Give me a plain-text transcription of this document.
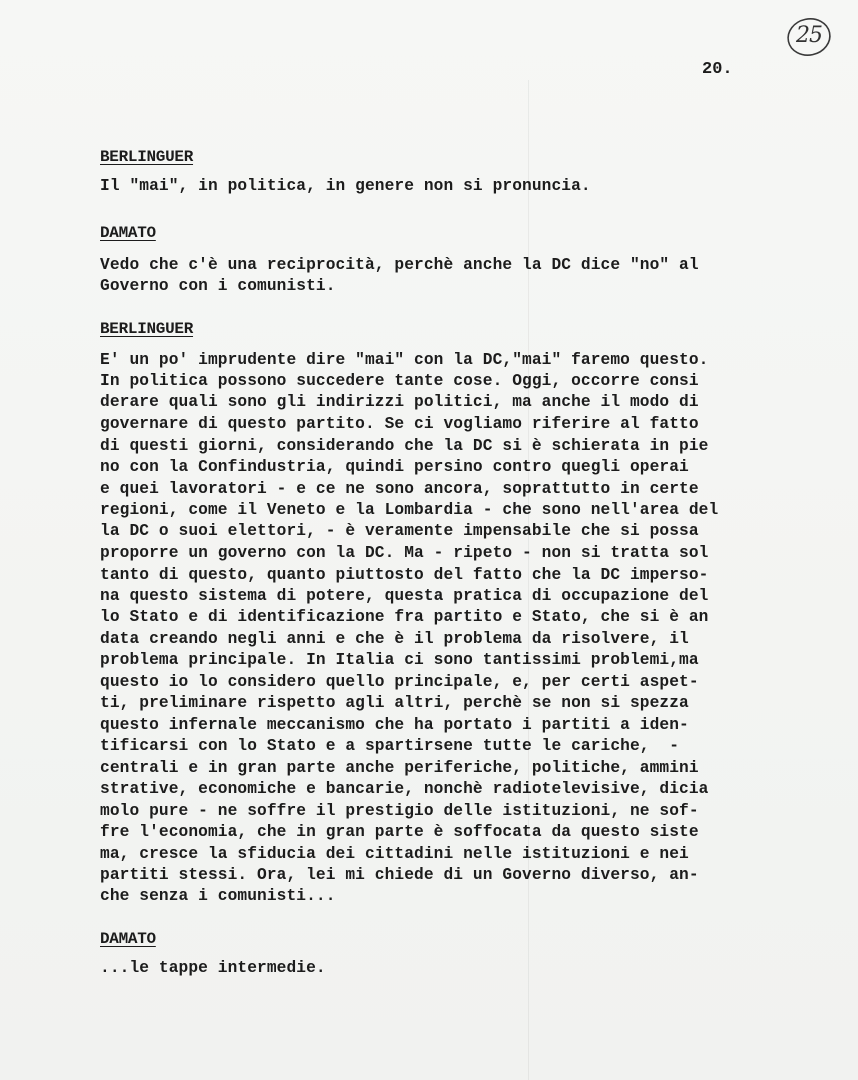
25
20.
BERLINGUER
Il "mai", in politica, in genere non si pronuncia.
DAMATO
Vedo che c'è una reciprocità, perchè anche la DC dice "no" al
Governo con i comunisti.
BERLINGUER
E' un po' imprudente dire "mai" con la DC,"mai" faremo questo.
In politica possono succedere tante cose. Oggi, occorre consi
derare quali sono gli indirizzi politici, ma anche il modo di
governare di questo partito. Se ci vogliamo riferire al fatto
di questi giorni, considerando che la DC si è schierata in pie
no con la Confindustria, quindi persino contro quegli operai
e quei lavoratori - e ce ne sono ancora, soprattutto in certe
regioni, come il Veneto e la Lombardia - che sono nell'area del
la DC o suoi elettori, - è veramente impensabile che si possa
proporre un governo con la DC. Ma - ripeto - non si tratta sol
tanto di questo, quanto piuttosto del fatto che la DC imperso-
na questo sistema di potere, questa pratica di occupazione del
lo Stato e di identificazione fra partito e Stato, che si è an
data creando negli anni e che è il problema da risolvere, il
problema principale. In Italia ci sono tantissimi problemi,ma
questo io lo considero quello principale, e, per certi aspet-
ti, preliminare rispetto agli altri, perchè se non si spezza
questo infernale meccanismo che ha portato i partiti a iden-
tificarsi con lo Stato e a spartirsene tutte le cariche,  -
centrali e in gran parte anche periferiche, politiche, ammini
strative, economiche e bancarie, nonchè radiotelevisive, dicia
molo pure - ne soffre il prestigio delle istituzioni, ne sof-
fre l'economia, che in gran parte è soffocata da questo siste
ma, cresce la sfiducia dei cittadini nelle istituzioni e nei
partiti stessi. Ora, lei mi chiede di un Governo diverso, an-
che senza i comunisti...
DAMATO
...le tappe intermedie.
